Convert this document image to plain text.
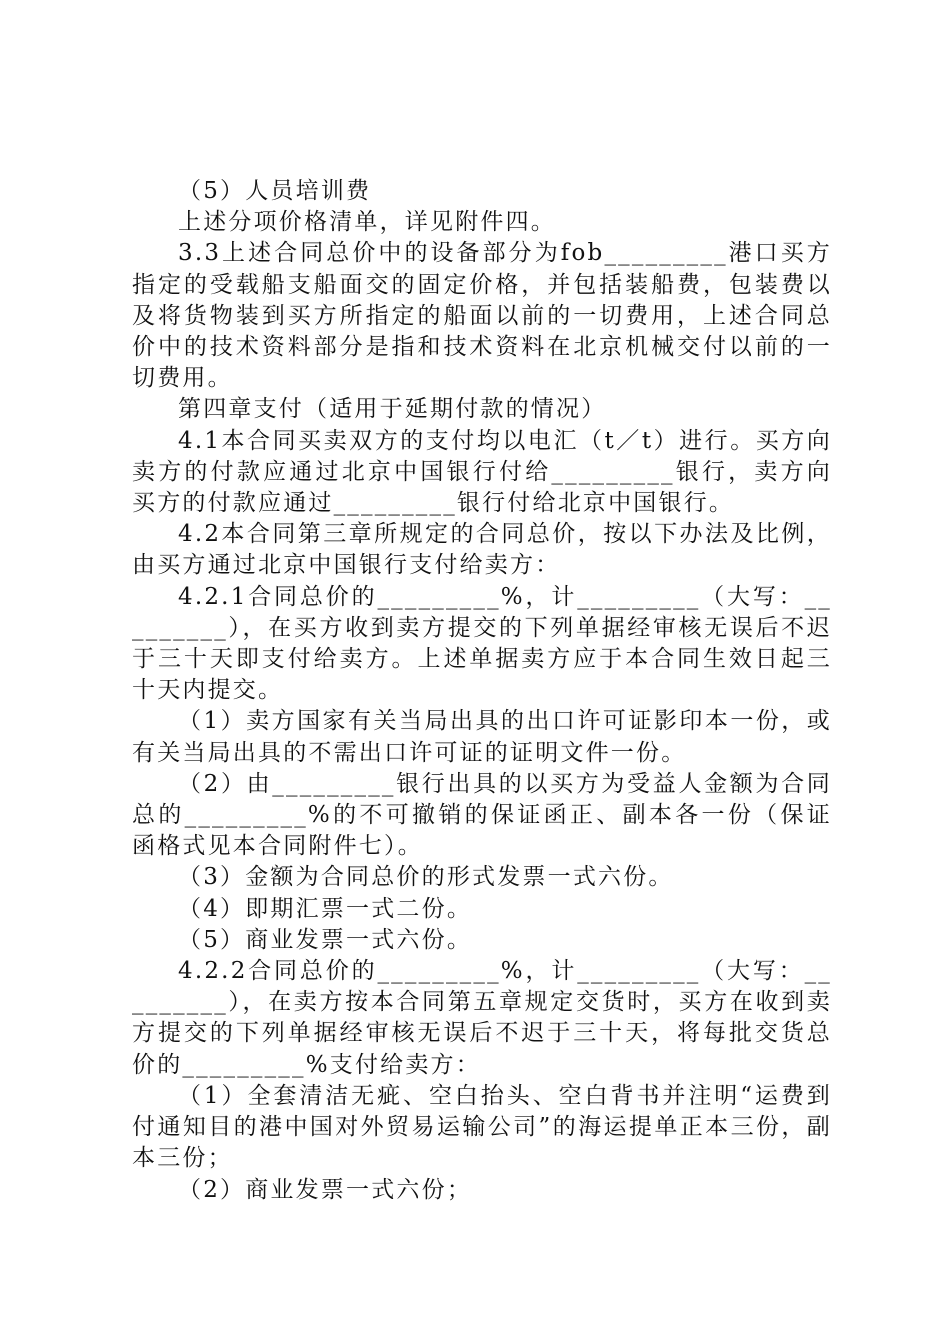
（5）人员培训费

上述分项价格清单，详见附件四。

3.3上述合同总价中的设备部分为fob_________港口买方指定的受载船支船面交的固定价格，并包括装船费，包装费以及将货物装到买方所指定的船面以前的一切费用，上述合同总价中的技术资料部分是指和技术资料在北京机械交付以前的一切费用。

第四章支付（适用于延期付款的情况）

4.1本合同买卖双方的支付均以电汇（t／t）进行。买方向卖方的付款应通过北京中国银行付给_________银行，卖方向买方的付款应通过_________银行付给北京中国银行。

4.2本合同第三章所规定的合同总价，按以下办法及比例，由买方通过北京中国银行支付给卖方：

4.2.1合同总价的_________%，计_________（大写：_________），在买方收到卖方提交的下列单据经审核无误后不迟于三十天即支付给卖方。上述单据卖方应于本合同生效日起三十天内提交。

（1）卖方国家有关当局出具的出口许可证影印本一份，或有关当局出具的不需出口许可证的证明文件一份。

（2）由_________银行出具的以买方为受益人金额为合同总的_________%的不可撤销的保证函正、副本各一份（保证函格式见本合同附件七）。

（3）金额为合同总价的形式发票一式六份。

（4）即期汇票一式二份。

（5）商业发票一式六份。

4.2.2合同总价的_________%，计_________（大写：_________），在卖方按本合同第五章规定交货时，买方在收到卖方提交的下列单据经审核无误后不迟于三十天，将每批交货总价的_________%支付给卖方：

（1）全套清洁无疵、空白抬头、空白背书并注明“运费到付通知目的港中国对外贸易运输公司”的海运提单正本三份，副本三份；

（2）商业发票一式六份；
